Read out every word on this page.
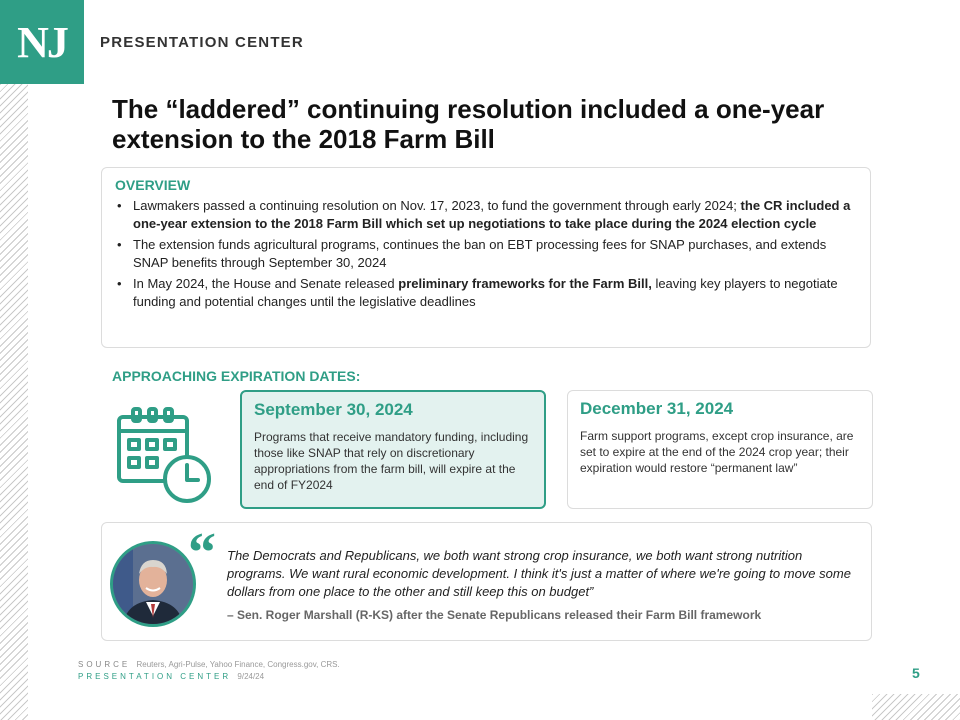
NJ	PRESENTATION CENTER
The “laddered” continuing resolution included a one-year extension to the 2018 Farm Bill
OVERVIEW
• Lawmakers passed a continuing resolution on Nov. 17, 2023, to fund the government through early 2024; the CR included a one-year extension to the 2018 Farm Bill which set up negotiations to take place during the 2024 election cycle
• The extension funds agricultural programs, continues the ban on EBT processing fees for SNAP purchases, and extends SNAP benefits through September 30, 2024
• In May 2024, the House and Senate released preliminary frameworks for the Farm Bill, leaving key players to negotiate funding and potential changes until the legislative deadlines
APPROACHING EXPIRATION DATES:
September 30, 2024
Programs that receive mandatory funding, including those like SNAP that rely on discretionary appropriations from the farm bill, will expire at the end of FY2024
December 31, 2024
Farm support programs, except crop insurance, are set to expire at the end of the 2024 crop year; their expiration would restore “permanent law”
“ The Democrats and Republicans, we both want strong crop insurance, we both want strong nutrition programs. We want rural economic development. I think it's just a matter of where we're going to move some dollars from one place to the other and still keep this on budget”
– Sen. Roger Marshall (R-KS) after the Senate Republicans released their Farm Bill framework
SOURCE Reuters, Agri-Pulse, Yahoo Finance, Congress.gov, CRS.
PRESENTATION CENTER 9/24/24	5
